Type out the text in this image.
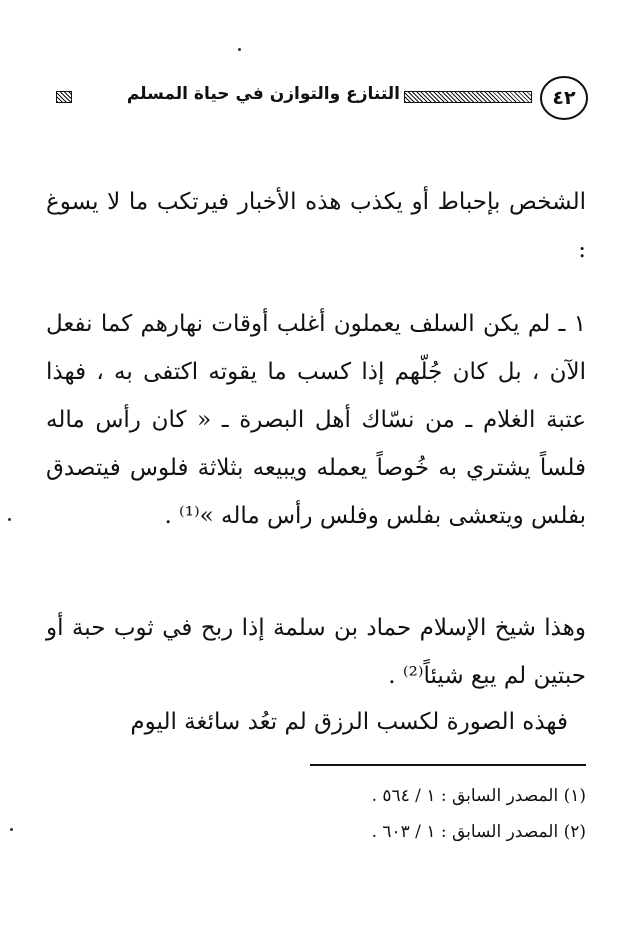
٤٢
التنازع والتوازن في حياة المسلم
الشخص بإحباط أو يكذب هذه الأخبار فيرتكب ما لا يسوغ :
١ ـ لم يكن السلف يعملون أغلب أوقات نهارهم كما نفعل الآن ، بل كان جُلّهم إذا كسب ما يقوته اكتفى به ، فهذا عتبة الغلام ـ من نسّاك أهل البصرة ـ « كان رأس ماله فلساً يشتري به خُوصاً يعمله ويبيعه بثلاثة فلوس فيتصدق بفلس ويتعشى بفلس وفلس رأس ماله »⁽¹⁾ .
وهذا شيخ الإسلام حماد بن سلمة إذا ربح في ثوب حبة أو حبتين لم يبع شيئاً⁽²⁾ .
فهذه الصورة لكسب الرزق لم تعُد سائغة اليوم
(١) المصدر السابق : ١ / ٥٦٤ .
(٢) المصدر السابق : ١ / ٦٠٣ .
